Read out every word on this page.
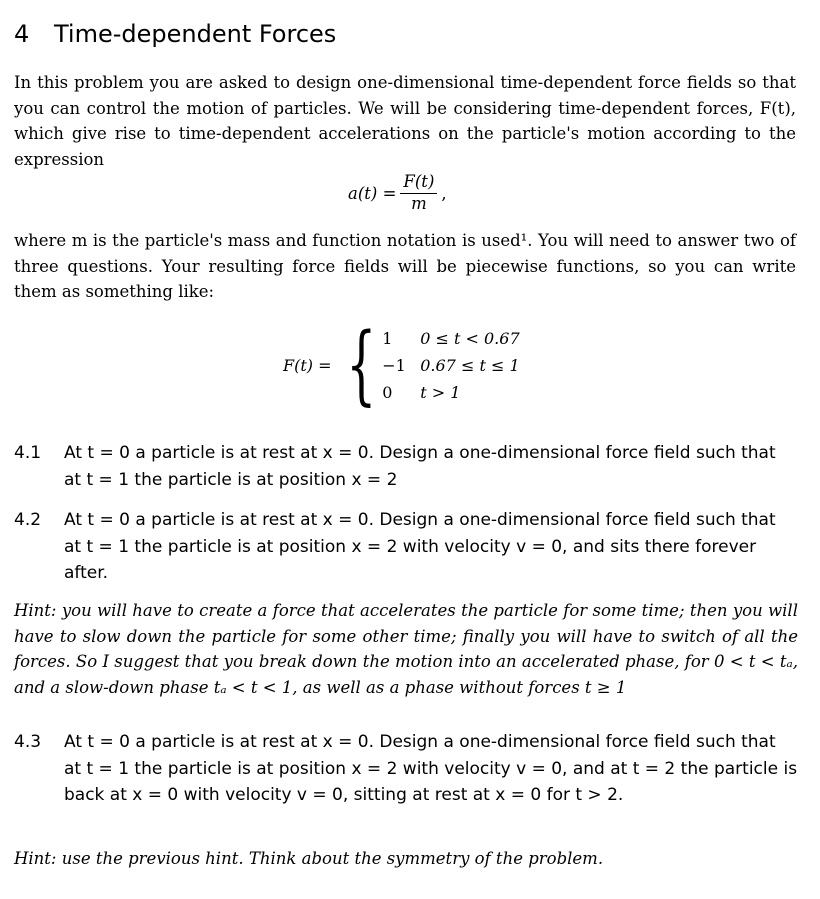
4 Time-dependent Forces
In this problem you are asked to design one-dimensional time-dependent force fields so that you can control the motion of particles. We will be considering time-dependent forces, F(t), which give rise to time-dependent accelerations on the particle's motion according to the expression
$a(t) = \frac{F(t)}{m}$ ,
where m is the particle's mass and function notation is used¹. You will need to answer two of three questions. Your resulting force fields will be piecewise functions, so you can write them as something like:
F(t) = { 1	0 ≤ t < 0.67
−1 0.67 ≤ t ≤ 1
0	t > 1
4.1 At t = 0 a particle is at rest at x = 0. Design a one-dimensional force field such that at t = 1 the particle is at position x = 2
4.2 At t = 0 a particle is at rest at x = 0. Design a one-dimensional force field such that at t = 1 the particle is at position x = 2 with velocity v = 0, and sits there forever after.
Hint: you will have to create a force that accelerates the particle for some time; then you will have to slow down the particle for some other time; finally you will have to switch of all the forces. So I suggest that you break down the motion into an accelerated phase, for 0 < t < tₐ, and a slow-down phase tₐ < t < 1, as well as a phase without forces t ≥ 1
4.3 At t = 0 a particle is at rest at x = 0. Design a one-dimensional force field such that at t = 1 the particle is at position x = 2 with velocity v = 0, and at t = 2 the particle is back at x = 0 with velocity v = 0, sitting at rest at x = 0 for t > 2.
Hint: use the previous hint. Think about the symmetry of the problem.
